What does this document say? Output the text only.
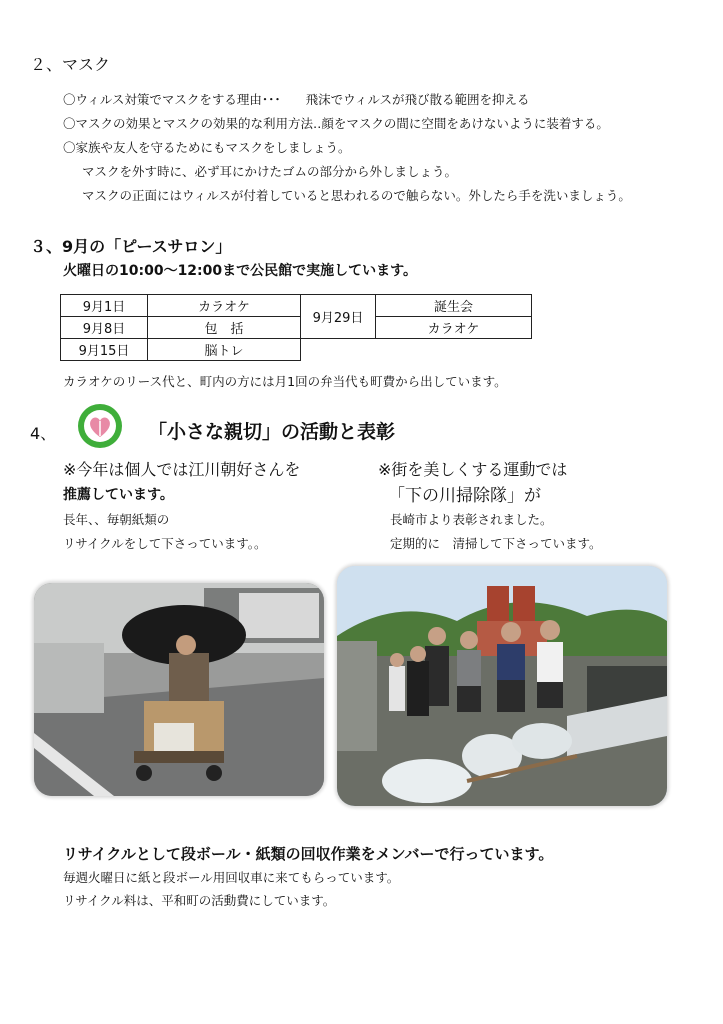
２、マスク
〇ウィルス対策でマスクをする理由･･･　　飛沫でウィルスが飛び散る範囲を抑える
〇マスクの効果とマスクの効果的な利用方法‥顔をマスクの間に空間をあけないように装着する。
〇家族や友人を守るためにもマスクをしましょう。
マスクを外す時に、必ず耳にかけたゴムの部分から外しましょう。
マスクの正面にはウィルスが付着していると思われるので触らない。外したら手を洗いましょう。
３、9月の「ピースサロン」
火曜日の10:00～12:00まで公民館で実施しています。
9月1日	カラオケ	9月29日	誕生会
9月8日	包　括		カラオケ
9月15日	脳トレ		
カラオケのリース代と、町内の方には月1回の弁当代も町費から出しています。
4、	「小さな親切」の活動と表彰
※今年は個人では江川朝好さんを
推薦しています。
長年、、毎朝紙類の
リサイクルをして下さっています。。
※街を美しくする運動では
「下の川掃除隊」が
長崎市より表彰されました。
定期的に　清掃して下さっています。
リサイクルとして段ボール・紙類の回収作業をメンバーで行っています。
毎週火曜日に紙と段ボール用回収車に来てもらっています。
リサイクル料は、平和町の活動費にしています。
